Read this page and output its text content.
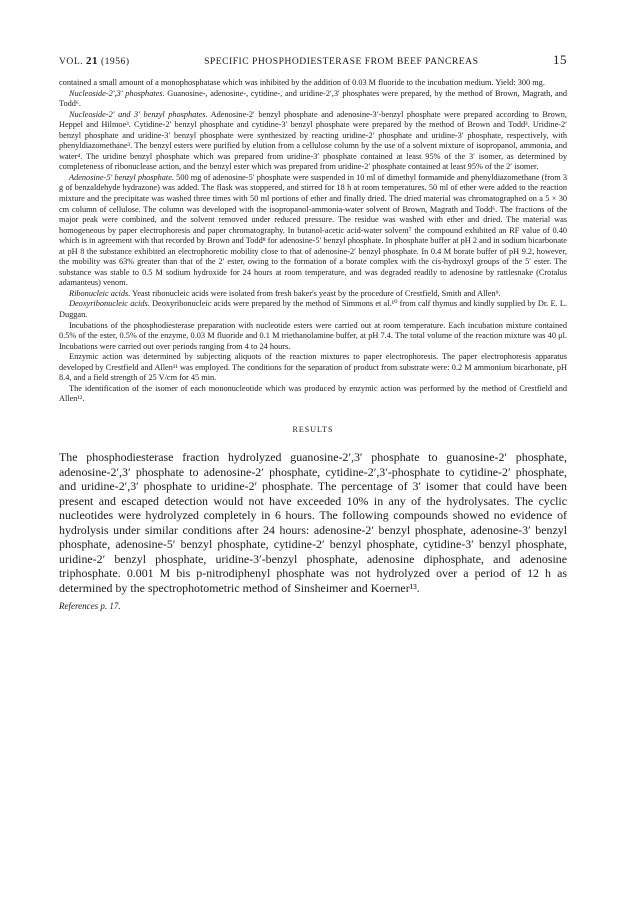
VOL. 21 (1956)	SPECIFIC PHOSPHODIESTERASE FROM BEEF PANCREAS	15

contained a small amount of a monophosphatase which was inhibited by the addition of 0.03 M fluoride to the incubation medium. Yield: 300 mg.

Nucleoside-2′,3′ phosphates. Guanosine-, adenosine-, cytidine-, and uridine-2′,3′ phosphates were prepared, by the method of Brown, Magrath, and Todd⁶.

Nucleoside-2′ and 3′ benzyl phosphates. Adenosine-2′ benzyl phosphate and adenosine-3′-benzyl phosphate were prepared according to Brown, Heppel and Hilmoe³. Cytidine-2′ benzyl phosphate and cytidine-3′ benzyl phosphate were prepared by the method of Brown and Todd³. Uridine-2′ benzyl phosphate and uridine-3′ benzyl phosphate were synthesized by reacting uridine-2′ phosphate and uridine-3′ phosphate, respectively, with phenyldiazomethane³. The benzyl esters were purified by elution from a cellulose column by the use of a solvent mixture of isopropanol, ammonia, and water⁴. The uridine benzyl phosphate which was prepared from uridine-3′ phosphate contained at least 95% of the 3′ isomer, as determined by completeness of ribonuclease action, and the benzyl ester which was prepared from uridine-2′ phosphate contained at least 95% of the 2′ isomer.

Adenosine-5′ benzyl phosphate. 500 mg of adenosine-5′ phosphate were suspended in 10 ml of dimethyl formamide and phenyldiazomethane (from 3 g of benzaldehyde hydrazone) was added. The flask was stoppered, and stirred for 18 h at room temperatures. 50 ml of ether were added to the reaction mixture and the precipitate was washed three times with 50 ml portions of ether and finally dried. The dried material was chromatographed on a 5 × 30 cm column of cellulose. The column was developed with the isopropanol-ammonia-water solvent of Brown, Magrath and Todd⁶. The fractions of the major peak were combined, and the solvent removed under reduced pressure. The residue was washed with ether and dried. The material was homogeneous by paper electrophoresis and paper chromatography. In butanol-acetic acid-water solvent⁷ the compound exhibited an RF value of 0.40 which is in agreement with that recorded by Brown and Todd⁸ for adenosine-5′ benzyl phosphate. In phosphate buffer at pH 2 and in sodium bicarbonate at pH 8 the substance exhibited an electrophoretic mobility close to that of adenosine-2′ benzyl phosphate. In 0.4 M borate buffer of pH 9.2, however, the mobility was 63% greater than that of the 2′ ester, owing to the formation of a borate complex with the cis-hydroxyl groups of the 5′ ester. The substance was stable to 0.5 M sodium hydroxide for 24 hours at room temperature, and was degraded readily to adenosine by rattlesnake (Crotalus adamanteus) venom.

Ribonucleic acids. Yeast ribonucleic acids were isolated from fresh baker's yeast by the procedure of Crestfield, Smith and Allen⁹.

Deoxyribonucleic acids. Deoxyribonucleic acids were prepared by the method of Simmons et al.¹⁰ from calf thymus and kindly supplied by Dr. E. L. Duggan.

Incubations of the phosphodiesterase preparation with nucleotide esters were carried out at room temperature. Each incubation mixture contained 0.5% of the ester, 0.5% of the enzyme, 0.03 M fluoride and 0.1 M triethanolamine buffer, at pH 7.4. The total volume of the reaction mixture was 40 μl. Incubations were carried out over periods ranging from 4 to 24 hours.

Enzymic action was determined by subjecting aliquots of the reaction mixtures to paper electrophoresis. The paper electrophoresis apparatus developed by Crestfield and Allen¹¹ was employed. The conditions for the separation of product from substrate were: 0.2 M ammonium bicarbonate, pH 8.4, and a field strength of 25 V/cm for 45 min.

The identification of the isomer of each mononucleotide which was produced by enzymic action was performed by the method of Crestfield and Allen¹².

RESULTS

The phosphodiesterase fraction hydrolyzed guanosine-2′,3′ phosphate to guanosine-2′ phosphate, adenosine-2′,3′ phosphate to adenosine-2′ phosphate, cytidine-2′,3′-phosphate to cytidine-2′ phosphate, and uridine-2′,3′ phosphate to uridine-2′ phosphate. The percentage of 3′ isomer that could have been present and escaped detection would not have exceeded 10% in any of the hydrolysates. The cyclic nucleotides were hydrolyzed completely in 6 hours. The following compounds showed no evidence of hydrolysis under similar conditions after 24 hours: adenosine-2′ benzyl phosphate, adenosine-3′ benzyl phosphate, adenosine-5′ benzyl phosphate, cytidine-2′ benzyl phosphate, cytidine-3′ benzyl phosphate, uridine-2′ benzyl phosphate, uridine-3′-benzyl phosphate, adenosine diphosphate, and adenosine triphosphate. 0.001 M bis p-nitrodiphenyl phosphate was not hydrolyzed over a period of 12 h as determined by the spectrophotometric method of Sinsheimer and Koerner¹³.

References p. 17.
